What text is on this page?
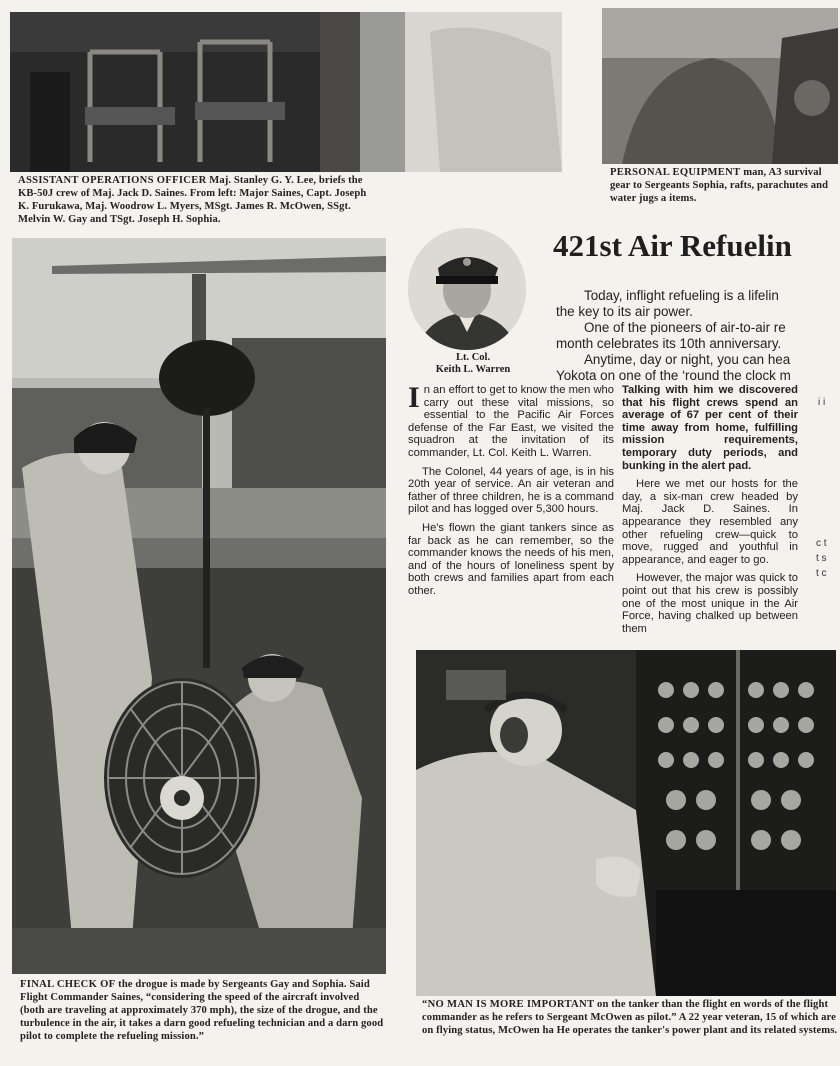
ASSISTANT OPERATIONS OFFICER Maj. Stanley G. Y. Lee, briefs the KB-50J crew of Maj. Jack D. Saines. From left: Major Saines, Capt. Joseph K. Furukawa, Maj. Woodrow L. Myers, MSgt. James R. McOwen, SSgt. Melvin W. Gay and TSgt. Joseph H. Sophia.
PERSONAL EQUIPMENT man, A3 survival gear to Sergeants Sophia, rafts, parachutes and water jugs a items.
FINAL CHECK OF the drogue is made by Sergeants Gay and Sophia. Said Flight Commander Saines, “considering the speed of the aircraft involved (both are traveling at approximately 370 mph), the size of the drogue, and the turbulence in the air, it takes a darn good refueling technician and a darn good pilot to complete the refueling mission.”
Lt. Col.
Keith L. Warren
421st Air Refuelin

Today, inflight refueling is a lifelin

the key to its air power.

One of the pioneers of air-to-air re

month celebrates its 10th anniversary.

Anytime, day or night, you can hea

Yokota on one of the ‘round the clock m

In an effort to get to know the men who carry out these vital missions, so essential to the Pacific Air Forces defense of the Far East, we visited the squadron at the invitation of its commander, Lt. Col. Keith L. Warren.

The Colonel, 44 years of age, is in his 20th year of service. An air veteran and father of three children, he is a command pilot and has logged over 5,300 hours.

He's flown the giant tankers since as far back as he can remember, so the commander knows the needs of his men, and of the hours of loneliness spent by both crews and families apart from each other.

Talking with him we discovered that his flight crews spend an average of 67 per cent of their time away from home, fulfilling mission requirements, temporary duty periods, and bunking in the alert pad.

Here we met our hosts for the day, a six-man crew headed by Maj. Jack D. Saines. In appearance they resembled any other refueling crew—quick to move, rugged and youthful in appearance, and eager to go.

However, the major was quick to point out that his crew is possibly one of the most unique in the Air Force, having chalked up between them

i i
c t t s t c
“NO MAN IS MORE IMPORTANT on the tanker than the flight en words of the flight commander as he refers to Sergeant McOwen as pilot.” A 22 year veteran, 15 of which are on flying status, McOwen ha He operates the tanker's power plant and its related systems.
